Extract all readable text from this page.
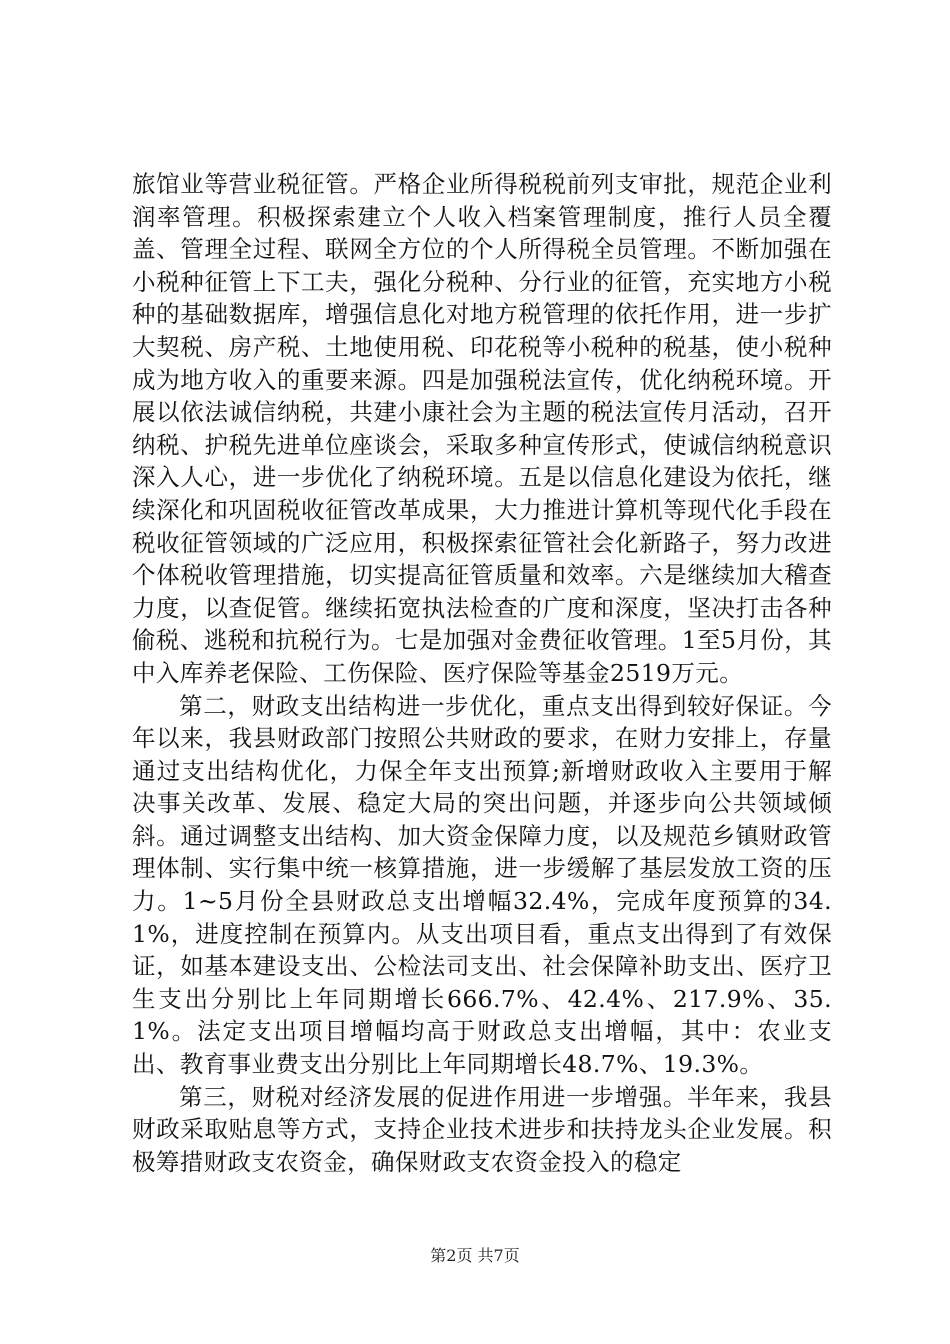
旅馆业等营业税征管。严格企业所得税税前列支审批，规范企业利润率管理。积极探索建立个人收入档案管理制度，推行人员全覆盖、管理全过程、联网全方位的个人所得税全员管理。不断加强在小税种征管上下工夫，强化分税种、分行业的征管，充实地方小税种的基础数据库，增强信息化对地方税管理的依托作用，进一步扩大契税、房产税、土地使用税、印花税等小税种的税基，使小税种成为地方收入的重要来源。四是加强税法宣传，优化纳税环境。开展以依法诚信纳税，共建小康社会为主题的税法宣传月活动，召开纳税、护税先进单位座谈会，采取多种宣传形式，使诚信纳税意识深入人心，进一步优化了纳税环境。五是以信息化建设为依托，继续深化和巩固税收征管改革成果，大力推进计算机等现代化手段在税收征管领域的广泛应用，积极探索征管社会化新路子，努力改进个体税收管理措施，切实提高征管质量和效率。六是继续加大稽查力度，以查促管。继续拓宽执法检查的广度和深度，坚决打击各种偷税、逃税和抗税行为。七是加强对金费征收管理。1至5月份，其中入库养老保险、工伤保险、医疗保险等基金2519万元。

第二，财政支出结构进一步优化，重点支出得到较好保证。今年以来，我县财政部门按照公共财政的要求，在财力安排上，存量通过支出结构优化，力保全年支出预算;新增财政收入主要用于解决事关改革、发展、稳定大局的突出问题，并逐步向公共领域倾斜。通过调整支出结构、加大资金保障力度，以及规范乡镇财政管理体制、实行集中统一核算措施，进一步缓解了基层发放工资的压力。1~5月份全县财政总支出增幅32.4%，完成年度预算的34.1%，进度控制在预算内。从支出项目看，重点支出得到了有效保证，如基本建设支出、公检法司支出、社会保障补助支出、医疗卫生支出分别比上年同期增长666.7%、42.4%、217.9%、35.1%。法定支出项目增幅均高于财政总支出增幅，其中：农业支出、教育事业费支出分别比上年同期增长48.7%、19.3%。

第三，财税对经济发展的促进作用进一步增强。半年来，我县财政采取贴息等方式，支持企业技术进步和扶持龙头企业发展。积极筹措财政支农资金，确保财政支农资金投入的稳定

第2页 共7页
